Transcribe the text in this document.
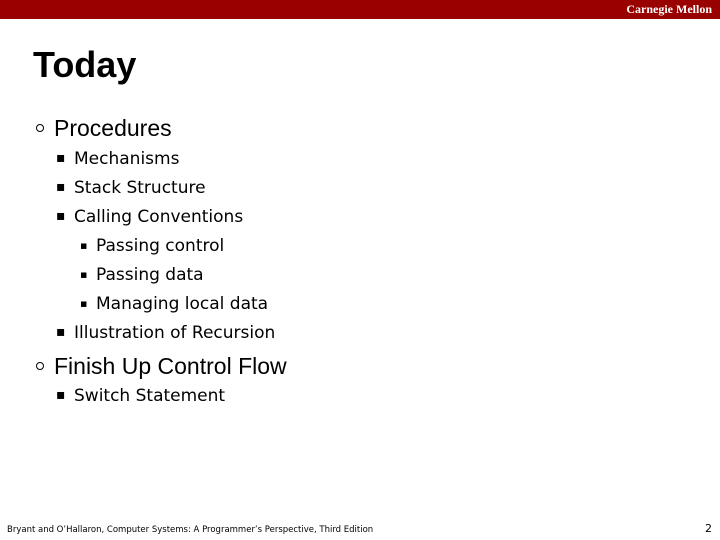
Carnegie Mellon
Today
Procedures
▪ Mechanisms
▪ Stack Structure
▪ Calling Conventions
▪ Passing control
▪ Passing data
▪ Managing local data
▪ Illustration of Recursion
Finish Up Control Flow
▪ Switch Statement
Bryant and O’Hallaron, Computer Systems: A Programmer’s Perspective, Third Edition	2
